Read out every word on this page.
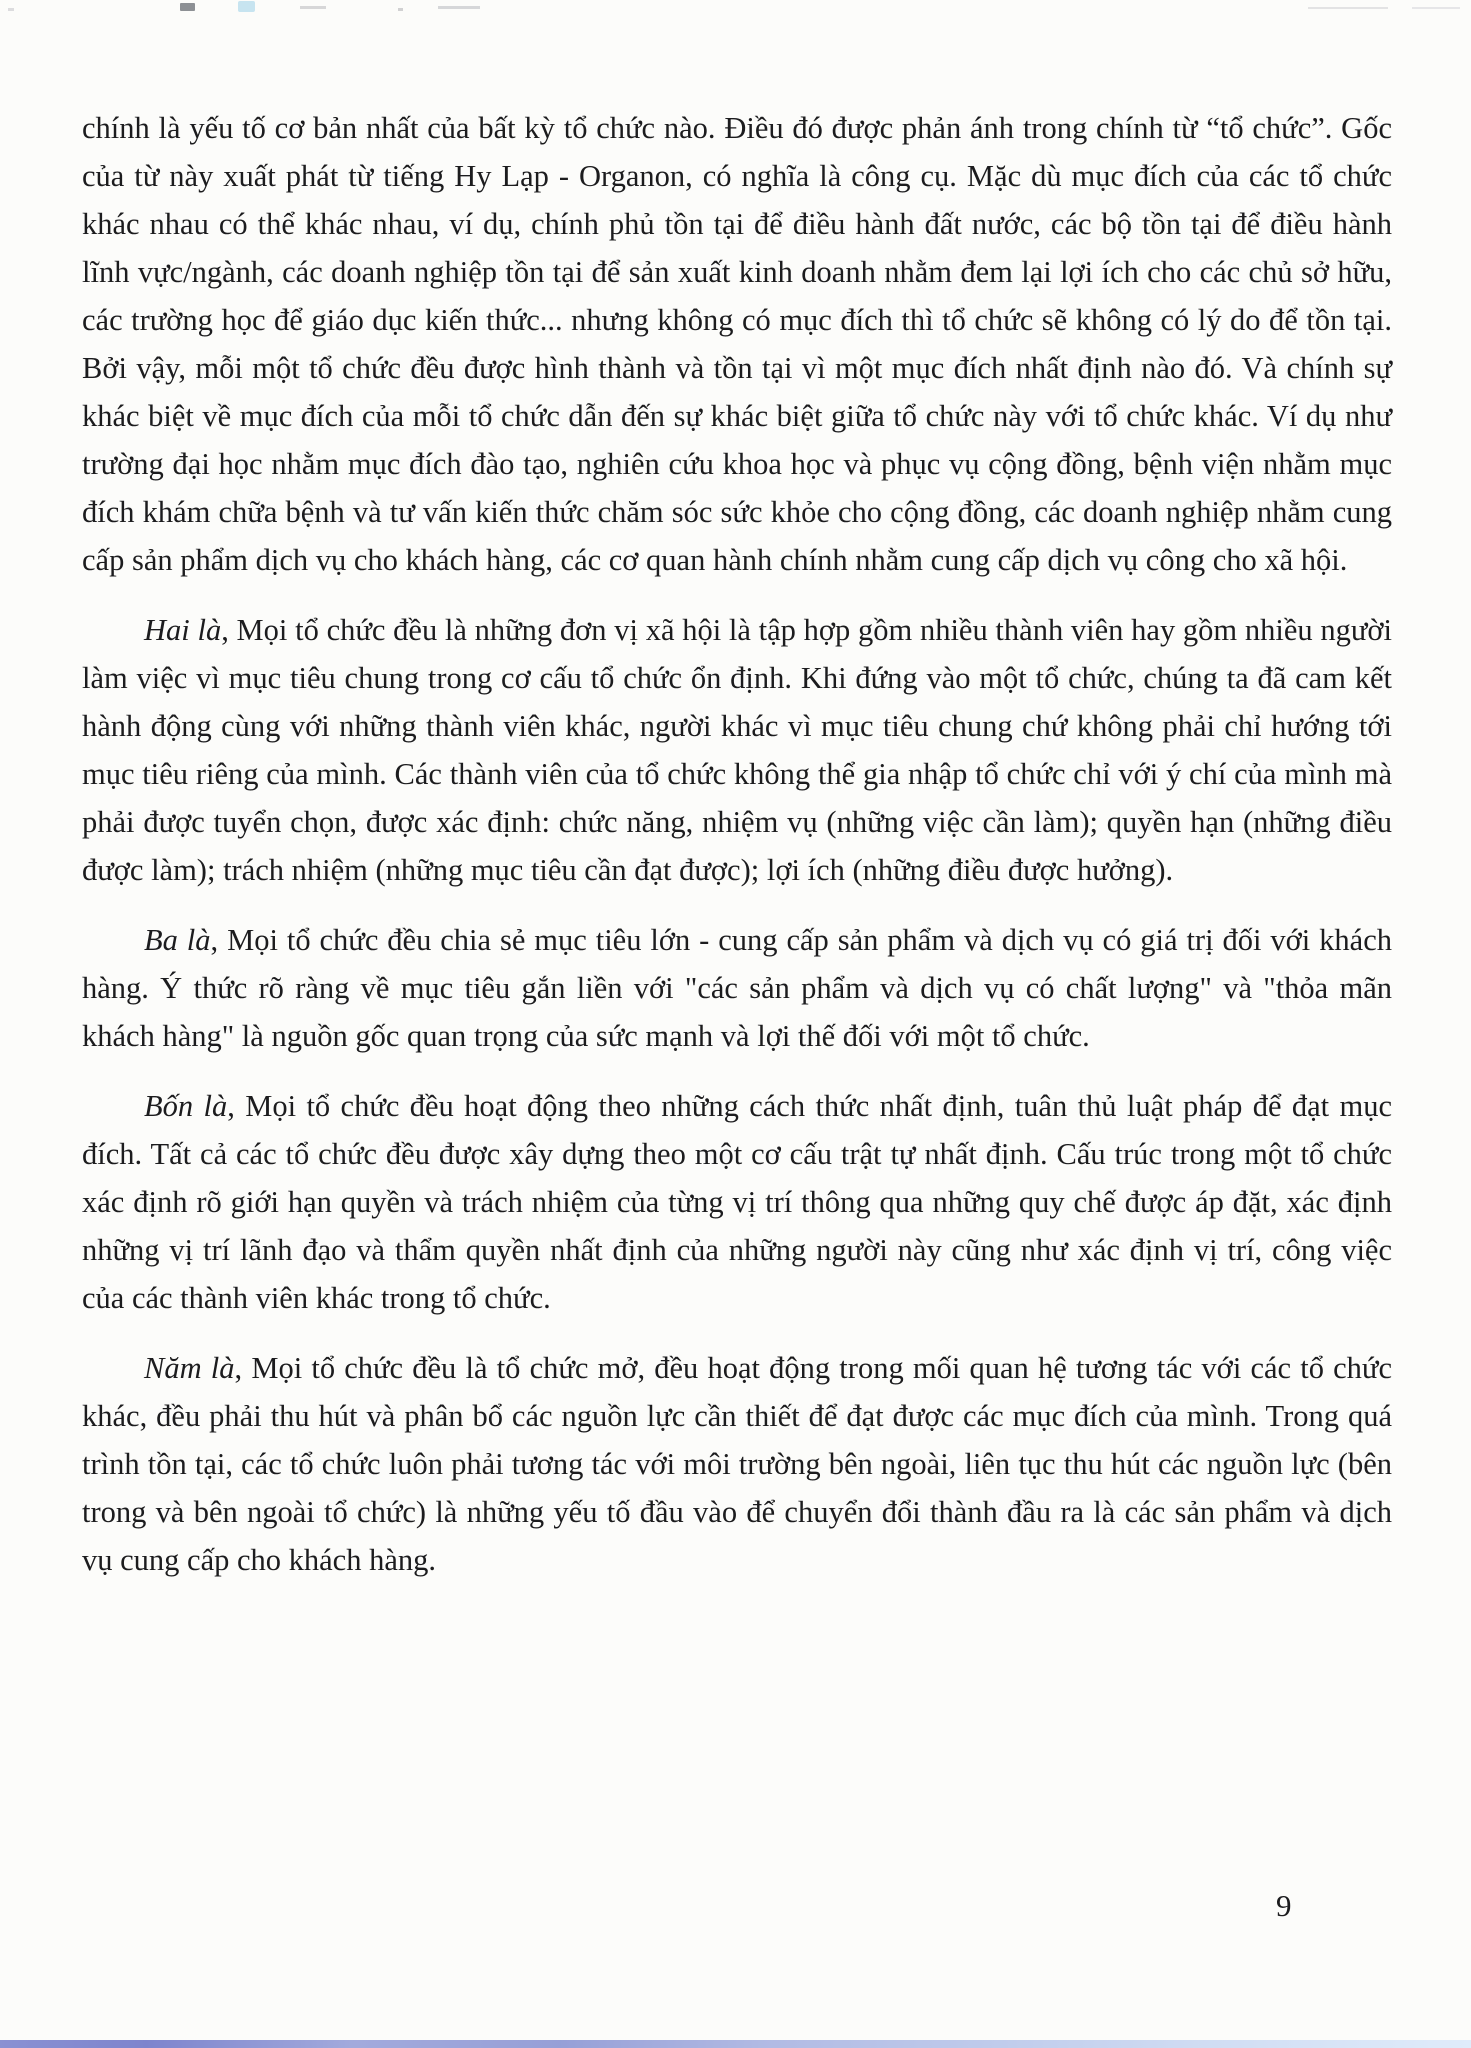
chính là yếu tố cơ bản nhất của bất kỳ tổ chức nào. Điều đó được phản ánh trong chính từ “tổ chức”. Gốc của từ này xuất phát từ tiếng Hy Lạp - Organon, có nghĩa là công cụ. Mặc dù mục đích của các tổ chức khác nhau có thể khác nhau, ví dụ, chính phủ tồn tại để điều hành đất nước, các bộ tồn tại để điều hành lĩnh vực/ngành, các doanh nghiệp tồn tại để sản xuất kinh doanh nhằm đem lại lợi ích cho các chủ sở hữu, các trường học để giáo dục kiến thức... nhưng không có mục đích thì tổ chức sẽ không có lý do để tồn tại. Bởi vậy, mỗi một tổ chức đều được hình thành và tồn tại vì một mục đích nhất định nào đó. Và chính sự khác biệt về mục đích của mỗi tổ chức dẫn đến sự khác biệt giữa tổ chức này với tổ chức khác. Ví dụ như trường đại học nhằm mục đích đào tạo, nghiên cứu khoa học và phục vụ cộng đồng, bệnh viện nhằm mục đích khám chữa bệnh và tư vấn kiến thức chăm sóc sức khỏe cho cộng đồng, các doanh nghiệp nhằm cung cấp sản phẩm dịch vụ cho khách hàng, các cơ quan hành chính nhằm cung cấp dịch vụ công cho xã hội.

Hai là, Mọi tổ chức đều là những đơn vị xã hội là tập hợp gồm nhiều thành viên hay gồm nhiều người làm việc vì mục tiêu chung trong cơ cấu tổ chức ổn định. Khi đứng vào một tổ chức, chúng ta đã cam kết hành động cùng với những thành viên khác, người khác vì mục tiêu chung chứ không phải chỉ hướng tới mục tiêu riêng của mình. Các thành viên của tổ chức không thể gia nhập tổ chức chỉ với ý chí của mình mà phải được tuyển chọn, được xác định: chức năng, nhiệm vụ (những việc cần làm); quyền hạn (những điều được làm); trách nhiệm (những mục tiêu cần đạt được); lợi ích (những điều được hưởng).

Ba là, Mọi tổ chức đều chia sẻ mục tiêu lớn - cung cấp sản phẩm và dịch vụ có giá trị đối với khách hàng. Ý thức rõ ràng về mục tiêu gắn liền với "các sản phẩm và dịch vụ có chất lượng" và "thỏa mãn khách hàng" là nguồn gốc quan trọng của sức mạnh và lợi thế đối với một tổ chức.

Bốn là, Mọi tổ chức đều hoạt động theo những cách thức nhất định, tuân thủ luật pháp để đạt mục đích. Tất cả các tổ chức đều được xây dựng theo một cơ cấu trật tự nhất định. Cấu trúc trong một tổ chức xác định rõ giới hạn quyền và trách nhiệm của từng vị trí thông qua những quy chế được áp đặt, xác định những vị trí lãnh đạo và thẩm quyền nhất định của những người này cũng như xác định vị trí, công việc của các thành viên khác trong tổ chức.

Năm là, Mọi tổ chức đều là tổ chức mở, đều hoạt động trong mối quan hệ tương tác với các tổ chức khác, đều phải thu hút và phân bổ các nguồn lực cần thiết để đạt được các mục đích của mình. Trong quá trình tồn tại, các tổ chức luôn phải tương tác với môi trường bên ngoài, liên tục thu hút các nguồn lực (bên trong và bên ngoài tổ chức) là những yếu tố đầu vào để chuyển đổi thành đầu ra là các sản phẩm và dịch vụ cung cấp cho khách hàng.

9
